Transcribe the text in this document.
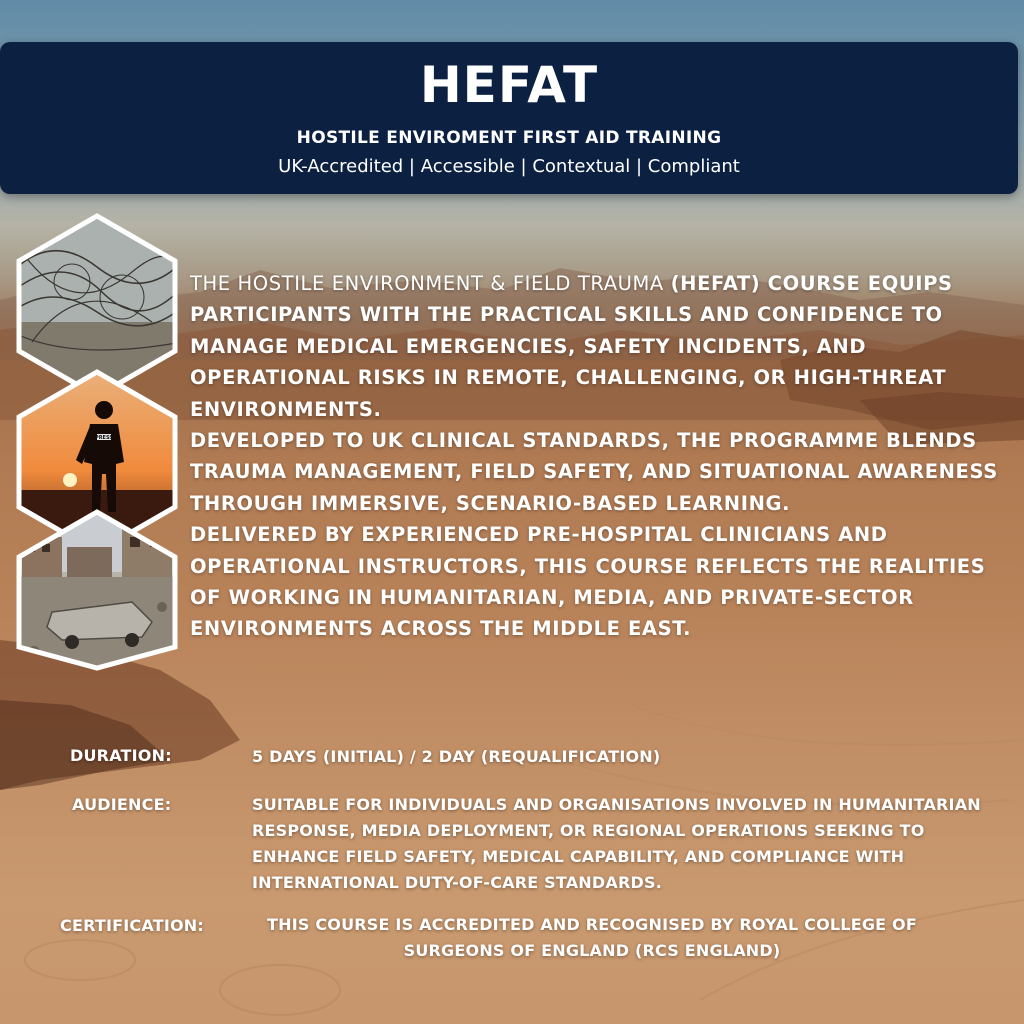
HEFAT
HOSTILE ENVIROMENT FIRST AID TRAINING
UK-Accredited | Accessible | Contextual | Compliant
PRESS

THE HOSTILE ENVIRONMENT & FIELD TRAUMA (HEFAT) COURSE EQUIPS PARTICIPANTS WITH THE PRACTICAL SKILLS AND CONFIDENCE TO MANAGE MEDICAL EMERGENCIES, SAFETY INCIDENTS, AND OPERATIONAL RISKS IN REMOTE, CHALLENGING, OR HIGH-THREAT ENVIRONMENTS.

DEVELOPED TO UK CLINICAL STANDARDS, THE PROGRAMME BLENDS TRAUMA MANAGEMENT, FIELD SAFETY, AND SITUATIONAL AWARENESS THROUGH IMMERSIVE, SCENARIO-BASED LEARNING.

DELIVERED BY EXPERIENCED PRE-HOSPITAL CLINICIANS AND OPERATIONAL INSTRUCTORS, THIS COURSE REFLECTS THE REALITIES OF WORKING IN HUMANITARIAN, MEDIA, AND PRIVATE-SECTOR ENVIRONMENTS ACROSS THE MIDDLE EAST.

DURATION:	5 DAYS (INITIAL) / 2 DAY (REQUALIFICATION)
AUDIENCE:	SUITABLE FOR INDIVIDUALS AND ORGANISATIONS INVOLVED IN HUMANITARIAN RESPONSE, MEDIA DEPLOYMENT, OR REGIONAL OPERATIONS SEEKING TO ENHANCE FIELD SAFETY, MEDICAL CAPABILITY, AND COMPLIANCE WITH INTERNATIONAL DUTY-OF-CARE STANDARDS.
CERTIFICATION:	THIS COURSE IS ACCREDITED AND RECOGNISED BY ROYAL COLLEGE OF SURGEONS OF ENGLAND (RCS ENGLAND)
